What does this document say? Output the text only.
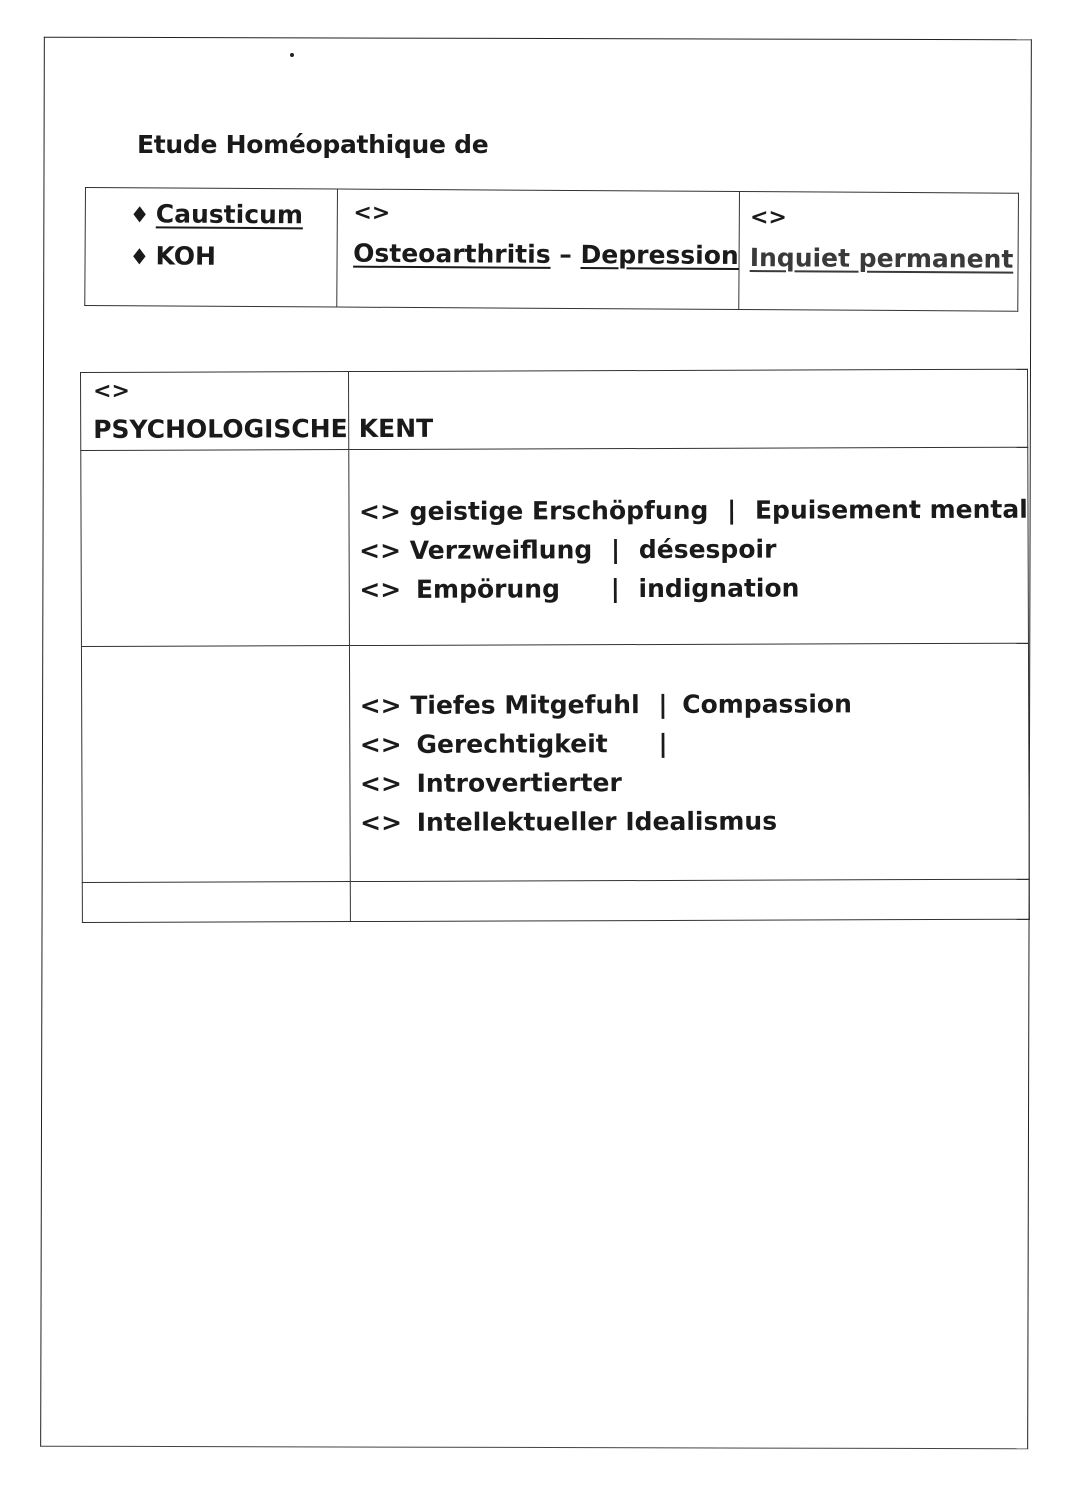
Etude Homéopathique de
♦ Causticum
♦ KOH

<>
Osteoarthritis – Depression

<>
Inquiet permanent
<>
PSYCHOLOGISCHE	KENT

	<> geistige Erschöpfung | Epuisement mental
<> Verzweiflung | désespoir
<> Empörung | indignation

	<> Tiefes Mitgefuhl | Compassion
<> Gerechtigkeit |
<> Introvertierter
<> Intellektueller Idealismus
